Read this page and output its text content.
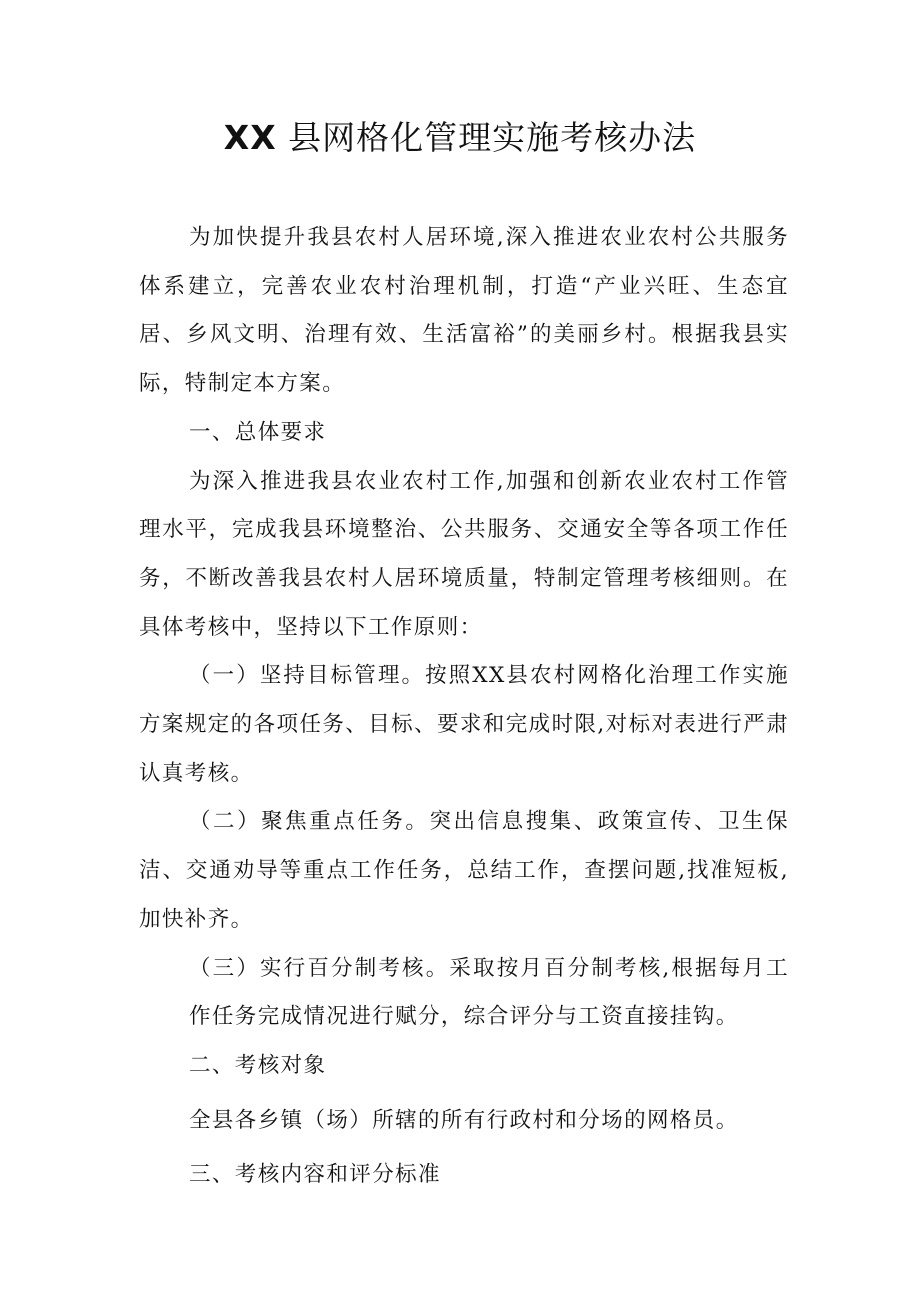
XX 县网格化管理实施考核办法

为加快提升我县农村人居环境,深入推进农业农村公共服务体系建立，完善农业农村治理机制，打造“产业兴旺、生态宜居、乡风文明、治理有效、生活富裕”的美丽乡村。根据我县实际，特制定本方案。

一、总体要求

为深入推进我县农业农村工作,加强和创新农业农村工作管理水平，完成我县环境整治、公共服务、交通安全等各项工作任务，不断改善我县农村人居环境质量，特制定管理考核细则。在具体考核中，坚持以下工作原则：

（一）坚持目标管理。按照XX县农村网格化治理工作实施方案规定的各项任务、目标、要求和完成时限,对标对表进行严肃认真考核。

（二）聚焦重点任务。突出信息搜集、政策宣传、卫生保洁、交通劝导等重点工作任务，总结工作，查摆问题,找准短板,加快补齐。

（三）实行百分制考核。采取按月百分制考核,根据每月工作任务完成情况进行赋分，综合评分与工资直接挂钩。

二、考核对象

全县各乡镇（场）所辖的所有行政村和分场的网格员。

三、考核内容和评分标准
